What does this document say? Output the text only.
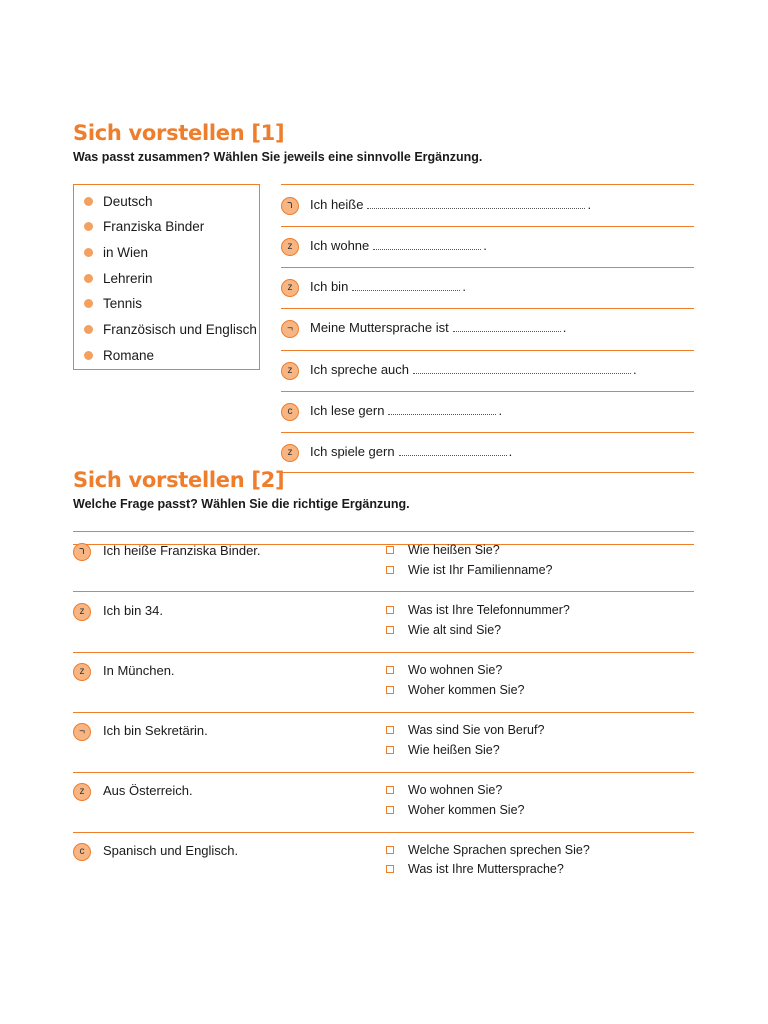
Sich vorstellen [1]

Was passt zusammen? Wählen Sie jeweils eine sinnvolle Ergänzung.

Deutsch
Franziska Binder
in Wien
Lehrerin
Tennis
Französisch und Englisch
Romane
ר	Ich heiße	.
z	Ich wohne	.
z	Ich bin	.
¬	Meine Muttersprache ist	.
z	Ich spreche auch	.
c	Ich lese gern	.
z	Ich spiele gern	.
Sich vorstellen [2]

Welche Frage passt? Wählen Sie die richtige Ergänzung.

ר	Ich heiße Franziska Binder.	Wie heißen Sie?
Wie ist Ihr Familienname?
z	Ich bin 34.	Was ist Ihre Telefonnummer?
Wie alt sind Sie?
z	In München.	Wo wohnen Sie?
Woher kommen Sie?
¬	Ich bin Sekretärin.	Was sind Sie von Beruf?
Wie heißen Sie?
z	Aus Österreich.	Wo wohnen Sie?
Woher kommen Sie?
c	Spanisch und Englisch.	Welche Sprachen sprechen Sie?
Was ist Ihre Muttersprache?
